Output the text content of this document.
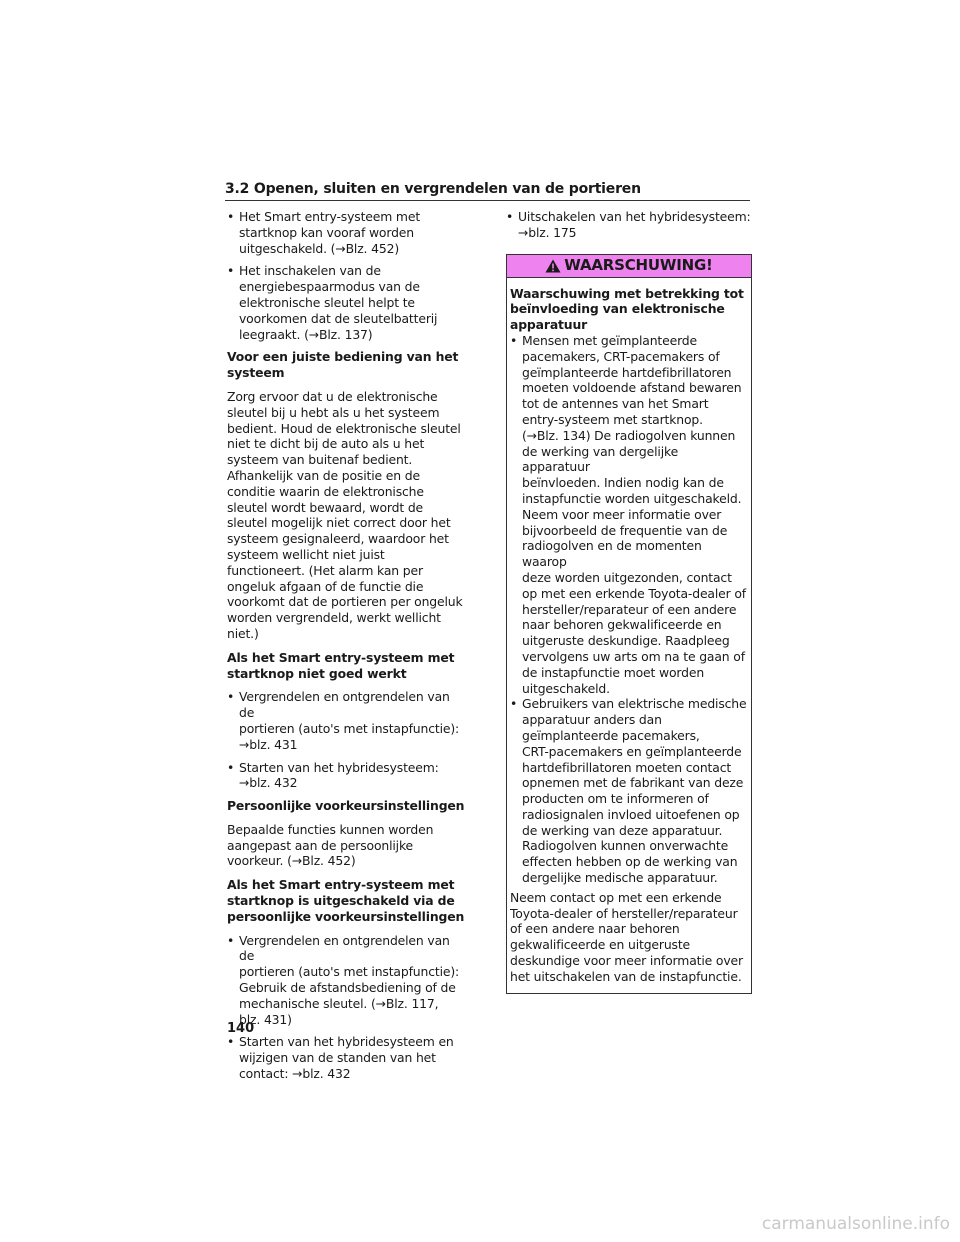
3.2 Openen, sluiten en vergrendelen van de portieren
• Het Smart entry-systeem met
startknop kan vooraf worden
uitgeschakeld. (→Blz. 452)
• Het inschakelen van de
energiebespaarmodus van de
elektronische sleutel helpt te
voorkomen dat de sleutelbatterij
leegraakt. (→Blz. 137)

Voor een juiste bediening van het systeem

Zorg ervoor dat u de elektronische sleutel bij u hebt als u het systeem bedient. Houd de elektronische sleutel niet te dicht bij de auto als u het systeem van buitenaf bedient. Afhankelijk van de positie en de conditie waarin de elektronische sleutel wordt bewaard, wordt de sleutel mogelijk niet correct door het systeem gesignaleerd, waardoor het systeem wellicht niet juist functioneert. (Het alarm kan per ongeluk afgaan of de functie die voorkomt dat de portieren per ongeluk worden vergrendeld, werkt wellicht niet.)

Als het Smart entry-systeem met startknop niet goed werkt

• Vergrendelen en ontgrendelen van de
portieren (auto's met instapfunctie):
→blz. 431
• Starten van het hybridesysteem:
→blz. 432

Persoonlijke voorkeursinstellingen

Bepaalde functies kunnen worden aangepast aan de persoonlijke voorkeur. (→Blz. 452)

Als het Smart entry-systeem met startknop is uitgeschakeld via de persoonlijke voorkeursinstellingen

• Vergrendelen en ontgrendelen van de
portieren (auto's met instapfunctie):
Gebruik de afstandsbediening of de
mechanische sleutel. (→Blz. 117,
blz. 431)
• Starten van het hybridesysteem en
wijzigen van de standen van het
contact: →blz. 432
• Uitschakelen van het hybridesysteem:
→blz. 175
WAARSCHUWING!

Waarschuwing met betrekking tot beïnvloeding van elektronische apparatuur

• Mensen met geïmplanteerde
pacemakers, CRT-pacemakers of
geïmplanteerde hartdefibrillatoren
moeten voldoende afstand bewaren
tot de antennes van het Smart
entry-systeem met startknop.
(→Blz. 134) De radiogolven kunnen
de werking van dergelijke apparatuur
beïnvloeden. Indien nodig kan de
instapfunctie worden uitgeschakeld.
Neem voor meer informatie over
bijvoorbeeld de frequentie van de
radiogolven en de momenten waarop
deze worden uitgezonden, contact
op met een erkende Toyota-dealer of
hersteller/reparateur of een andere
naar behoren gekwalificeerde en
uitgeruste deskundige. Raadpleeg
vervolgens uw arts om na te gaan of
de instapfunctie moet worden
uitgeschakeld.
• Gebruikers van elektrische medische
apparatuur anders dan
geïmplanteerde pacemakers,
CRT-pacemakers en geïmplanteerde
hartdefibrillatoren moeten contact
opnemen met de fabrikant van deze
producten om te informeren of
radiosignalen invloed uitoefenen op
de werking van deze apparatuur.
Radiogolven kunnen onverwachte
effecten hebben op de werking van
dergelijke medische apparatuur.

Neem contact op met een erkende Toyota-dealer of hersteller/reparateur of een andere naar behoren gekwalificeerde en uitgeruste deskundige voor meer informatie over het uitschakelen van de instapfunctie.

140
carmanualsonline.info
